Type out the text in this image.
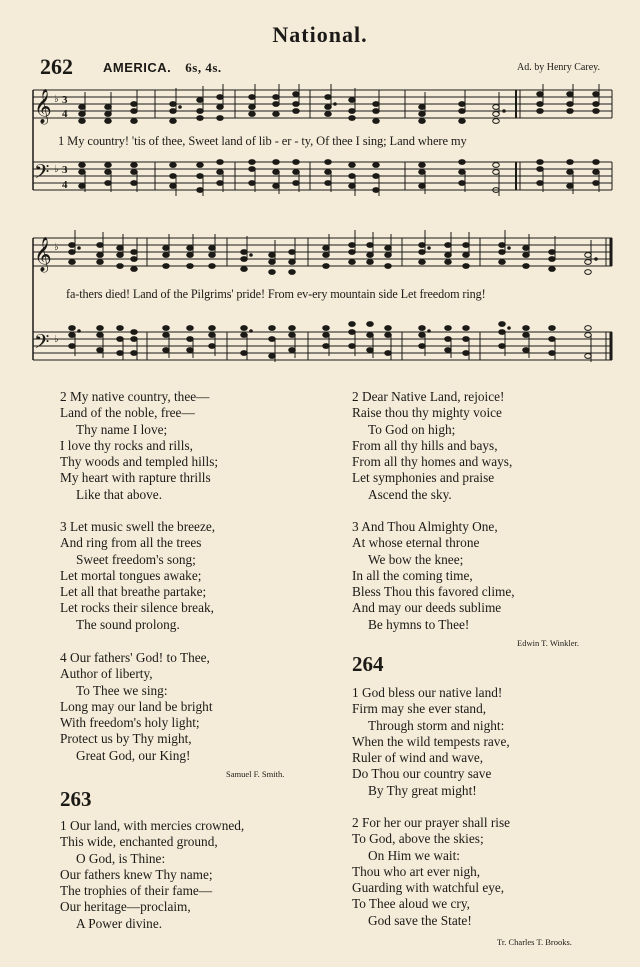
National.
262 AMERICA. 6s, 4s.	Ad. by Henry Carey.
𝄞
𝄢
♭
♭
3
4
3
4
1 My country! 'tis of thee, Sweet land of lib - er - ty, Of thee I sing; Land where my
𝄞
𝄢
♭
♭
fa-thers died! Land of the Pilgrims' pride! From ev-ery mountain side Let freedom ring!
2 My native country, thee—
Land of the noble, free—
Thy name I love;
I love thy rocks and rills,
Thy woods and templed hills;
My heart with rapture thrills
Like that above.
3 Let music swell the breeze,
And ring from all the trees
Sweet freedom's song;
Let mortal tongues awake;
Let all that breathe partake;
Let rocks their silence break,
The sound prolong.
4 Our fathers' God! to Thee,
Author of liberty,
To Thee we sing:
Long may our land be bright
With freedom's holy light;
Protect us by Thy might,
Great God, our King!
Samuel F. Smith.
263
1 Our land, with mercies crowned,
This wide, enchanted ground,
O God, is Thine:
Our fathers knew Thy name;
The trophies of their fame—
Our heritage—proclaim,
A Power divine.
2 Dear Native Land, rejoice!
Raise thou thy mighty voice
To God on high;
From all thy hills and bays,
From all thy homes and ways,
Let symphonies and praise
Ascend the sky.
3 And Thou Almighty One,
At whose eternal throne
We bow the knee;
In all the coming time,
Bless Thou this favored clime,
And may our deeds sublime
Be hymns to Thee!
Edwin T. Winkler.
264
1 God bless our native land!
Firm may she ever stand,
Through storm and night:
When the wild tempests rave,
Ruler of wind and wave,
Do Thou our country save
By Thy great might!
2 For her our prayer shall rise
To God, above the skies;
On Him we wait:
Thou who art ever nigh,
Guarding with watchful eye,
To Thee aloud we cry,
God save the State!
Tr. Charles T. Brooks.
